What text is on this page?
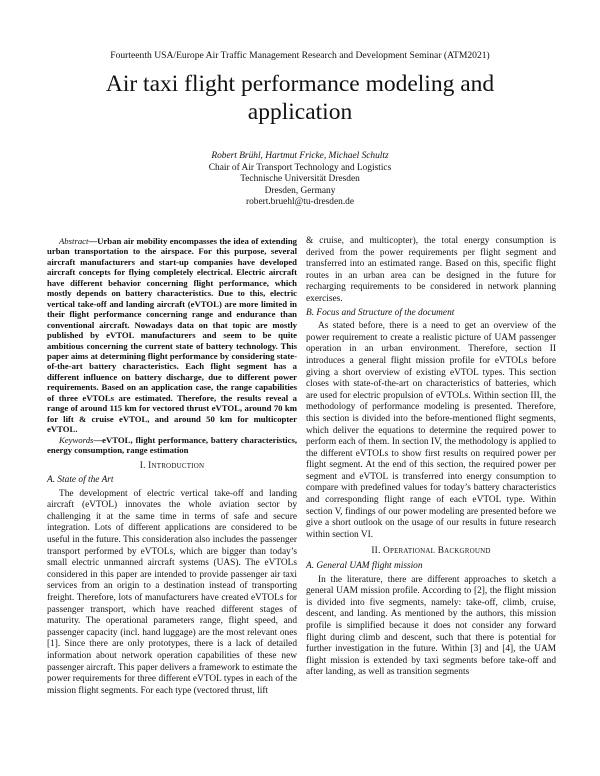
Fourteenth USA/Europe Air Traffic Management Research and Development Seminar (ATM2021)
Air taxi flight performance modeling and
application
Robert Brühl, Hartmut Fricke, Michael Schultz
Chair of Air Transport Technology and Logistics
Technische Universität Dresden
Dresden, Germany
robert.bruehl@tu-dresden.de

Abstract—Urban air mobility encompasses the idea of extending urban transportation to the airspace. For this purpose, several aircraft manufacturers and start-up companies have developed aircraft concepts for flying completely electrical. Electric aircraft have different behavior concerning flight performance, which mostly depends on battery characteristics. Due to this, electric vertical take-off and landing aircraft (eVTOL) are more limited in their flight performance concerning range and endurance than conventional aircraft. Nowadays data on that topic are mostly published by eVTOL manufacturers and seem to be quite ambitious concerning the current state of battery technology. This paper aims at determining flight performance by considering state-of-the-art battery characteristics. Each flight segment has a different influence on battery discharge, due to different power requirements. Based on an application case, the range capabilities of three eVTOLs are estimated. Therefore, the results reveal a range of around 115 km for vectored thrust eVTOL, around 70 km for lift & cruise eVTOL, and around 50 km for multicopter eVTOL.

Keywords—eVTOL, flight performance, battery characteristics, energy consumption, range estimation

I. Introduction

A. State of the Art

The development of electric vertical take-off and landing aircraft (eVTOL) innovates the whole aviation sector by challenging it at the same time in terms of safe and secure integration. Lots of different applications are considered to be useful in the future. This consideration also includes the passenger transport performed by eVTOLs, which are bigger than today’s small electric unmanned aircraft systems (UAS). The eVTOLs considered in this paper are intended to provide passenger air taxi services from an origin to a destination instead of transporting freight. Therefore, lots of manufacturers have created eVTOLs for passenger transport, which have reached different stages of maturity. The operational parameters range, flight speed, and passenger capacity (incl. hand luggage) are the most relevant ones [1]. Since there are only prototypes, there is a lack of detailed information about network operation capabilities of these new passenger aircraft. This paper delivers a framework to estimate the power requirements for three different eVTOL types in each of the mission flight segments. For each type (vectored thrust, lift

& cruise, and multicopter), the total energy consumption is derived from the power requirements per flight segment and transferred into an estimated range. Based on this, specific flight routes in an urban area can be designed in the future for recharging requirements to be considered in network planning exercises.

B. Focus and Structure of the document

As stated before, there is a need to get an overview of the power requirement to create a realistic picture of UAM passenger operation in an urban environment. Therefore, section II introduces a general flight mission profile for eVTOLs before giving a short overview of existing eVTOL types. This section closes with state-of-the-art on characteristics of batteries, which are used for electric propulsion of eVTOLs. Within section III, the methodology of performance modeling is presented. Therefore, this section is divided into the before-mentioned flight segments, which deliver the equations to determine the required power to perform each of them. In section IV, the methodology is applied to the different eVTOLs to show first results on required power per flight segment. At the end of this section, the required power per segment and eVTOL is transferred into energy consumption to compare with predefined values for today’s battery characteristics and corresponding flight range of each eVTOL type. Within section V, findings of our power modeling are presented before we give a short outlook on the usage of our results in future research within section VI.

II. Operational Background

A. General UAM flight mission

In the literature, there are different approaches to sketch a general UAM mission profile. According to [2], the flight mission is divided into five segments, namely: take-off, climb, cruise, descent, and landing. As mentioned by the authors, this mission profile is simplified because it does not consider any forward flight during climb and descent, such that there is potential for further investigation in the future. Within [3] and [4], the UAM flight mission is extended by taxi segments before take-off and after landing, as well as transition segments
